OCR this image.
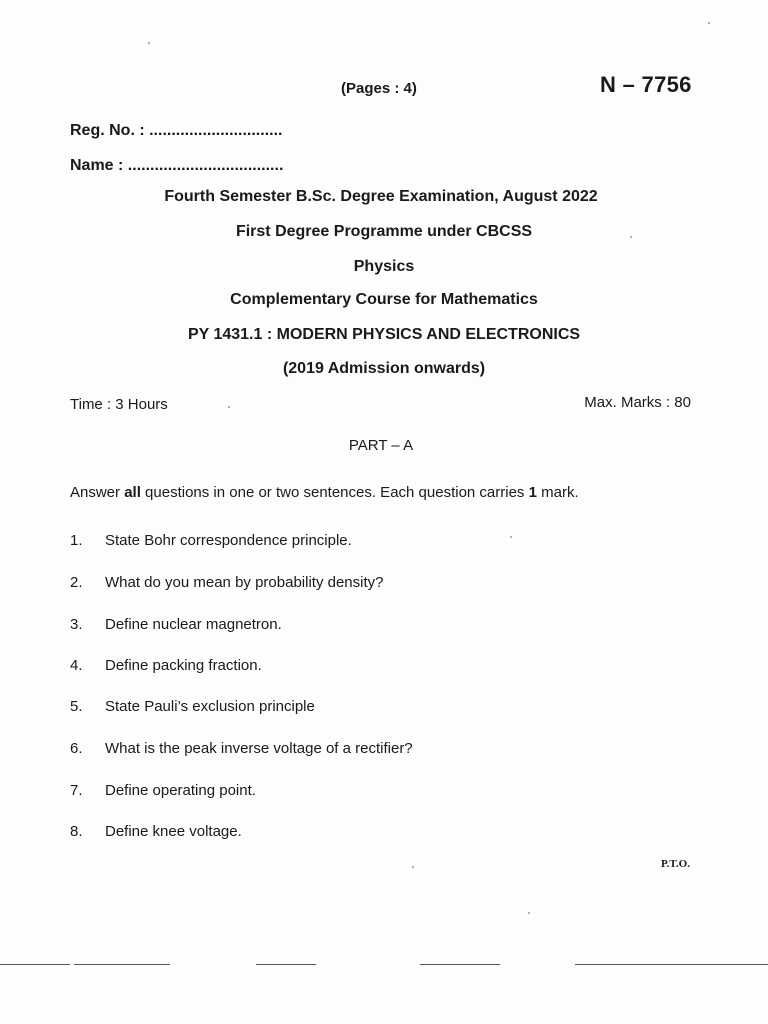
(Pages : 4)	N – 7756
Reg. No. : ..............................
Name : ...................................
Fourth Semester B.Sc. Degree Examination, August 2022
First Degree Programme under CBCSS
Physics
Complementary Course for Mathematics
PY 1431.1 : MODERN PHYSICS AND ELECTRONICS
(2019 Admission onwards)
Time : 3 Hours	Max. Marks : 80
PART – A
Answer all questions in one or two sentences. Each question carries 1 mark.
1. State Bohr correspondence principle.
2. What do you mean by probability density?
3. Define nuclear magnetron.
4. Define packing fraction.
5. State Pauli’s exclusion principle
6. What is the peak inverse voltage of a rectifier?
7. Define operating point.
8. Define knee voltage.
P.T.O.
